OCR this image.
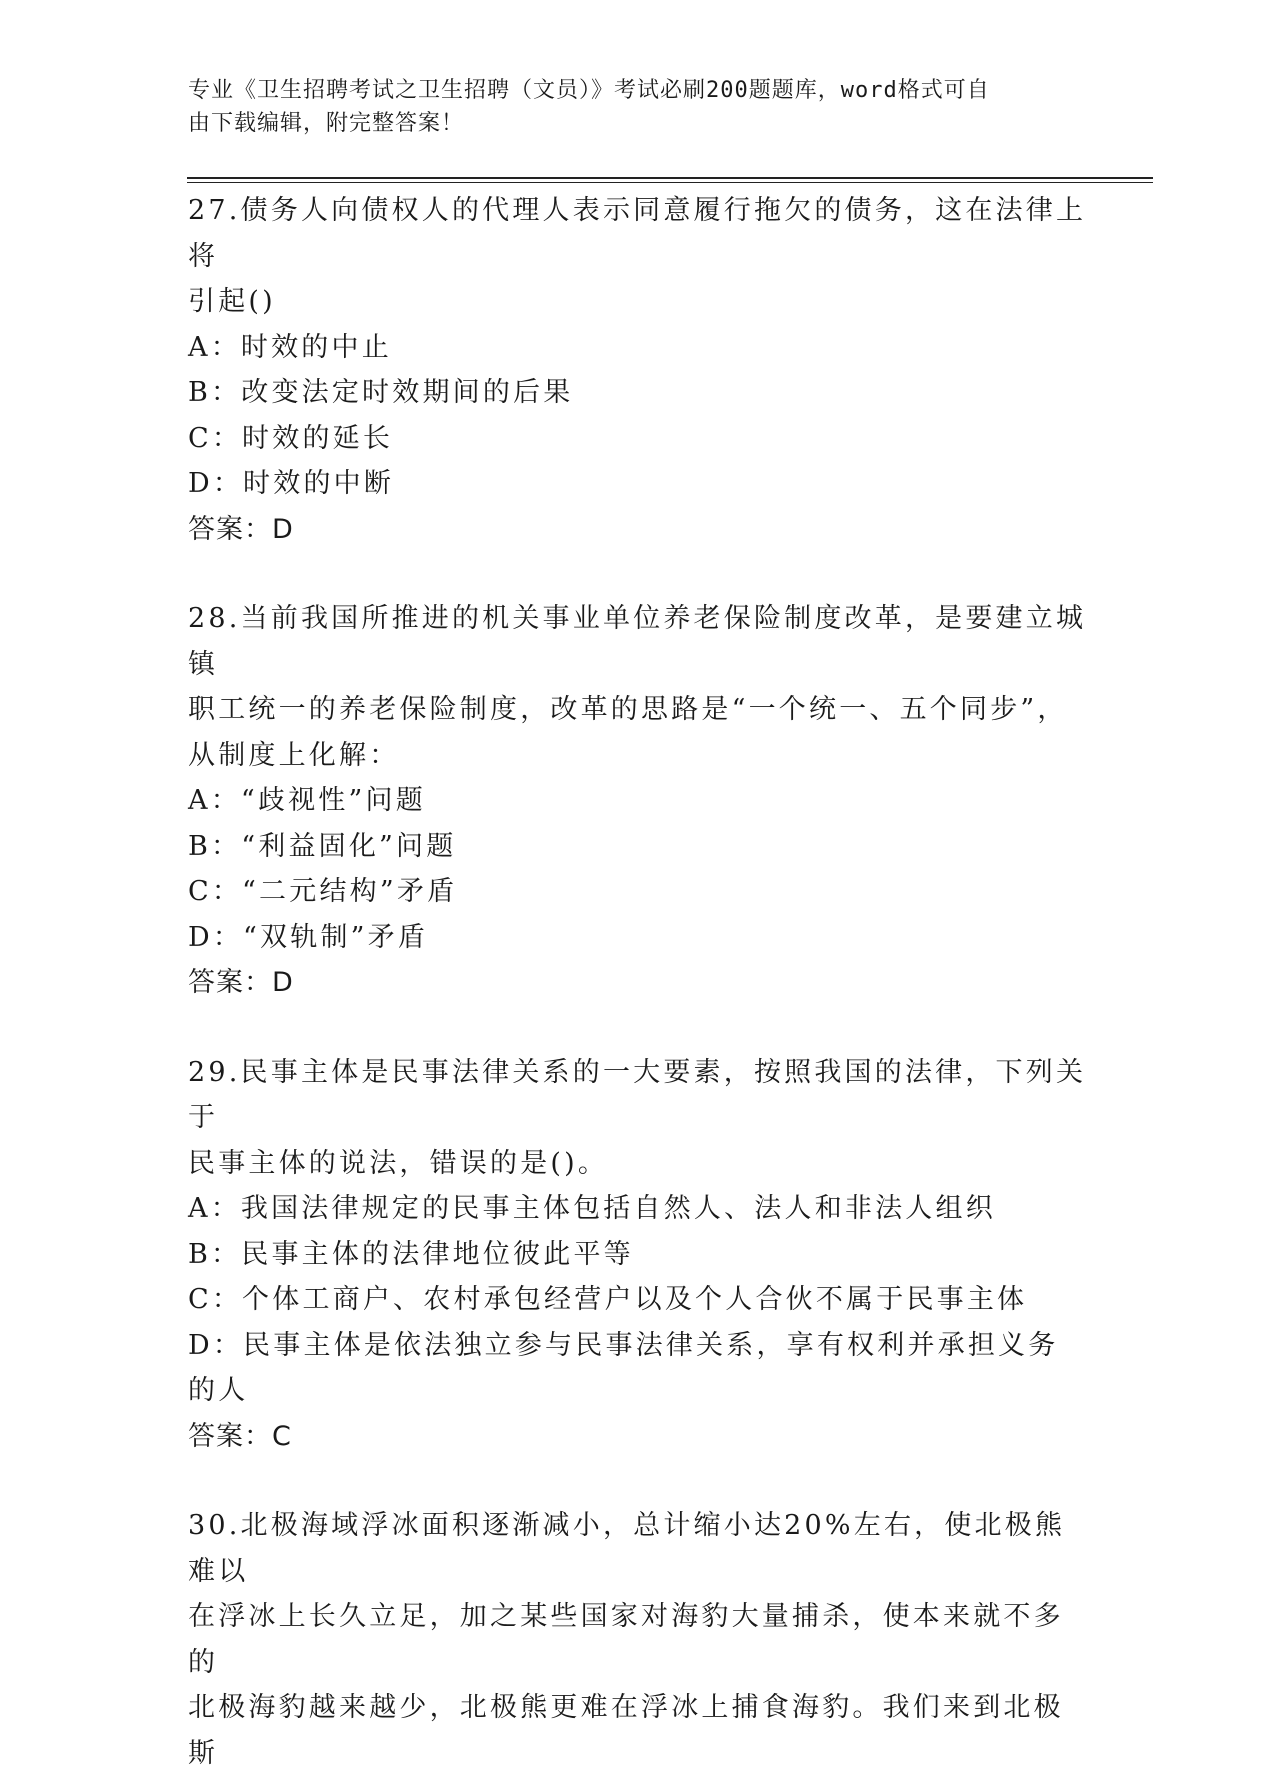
专业《卫生招聘考试之卫生招聘（文员）》考试必刷200题题库，word格式可自
由下载编辑，附完整答案！

27.债务人向债权人的代理人表示同意履行拖欠的债务，这在法律上将

引起()

A：时效的中止

B：改变法定时效期间的后果

C：时效的延长

D：时效的中断

答案：D

28.当前我国所推进的机关事业单位养老保险制度改革，是要建立城镇

职工统一的养老保险制度，改革的思路是“一个统一、五个同步”，

从制度上化解：

A：“歧视性”问题

B：“利益固化”问题

C：“二元结构”矛盾

D：“双轨制”矛盾

答案：D

29.民事主体是民事法律关系的一大要素，按照我国的法律，下列关于

民事主体的说法，错误的是()。

A：我国法律规定的民事主体包括自然人、法人和非法人组织

B：民事主体的法律地位彼此平等

C：个体工商户、农村承包经营户以及个人合伙不属于民事主体

D：民事主体是依法独立参与民事法律关系，享有权利并承担义务的人

答案：C

30.北极海域浮冰面积逐渐减小，总计缩小达20%左右，使北极熊难以

在浮冰上长久立足，加之某些国家对海豹大量捕杀，使本来就不多的

北极海豹越来越少，北极熊更难在浮冰上捕食海豹。我们来到北极斯
